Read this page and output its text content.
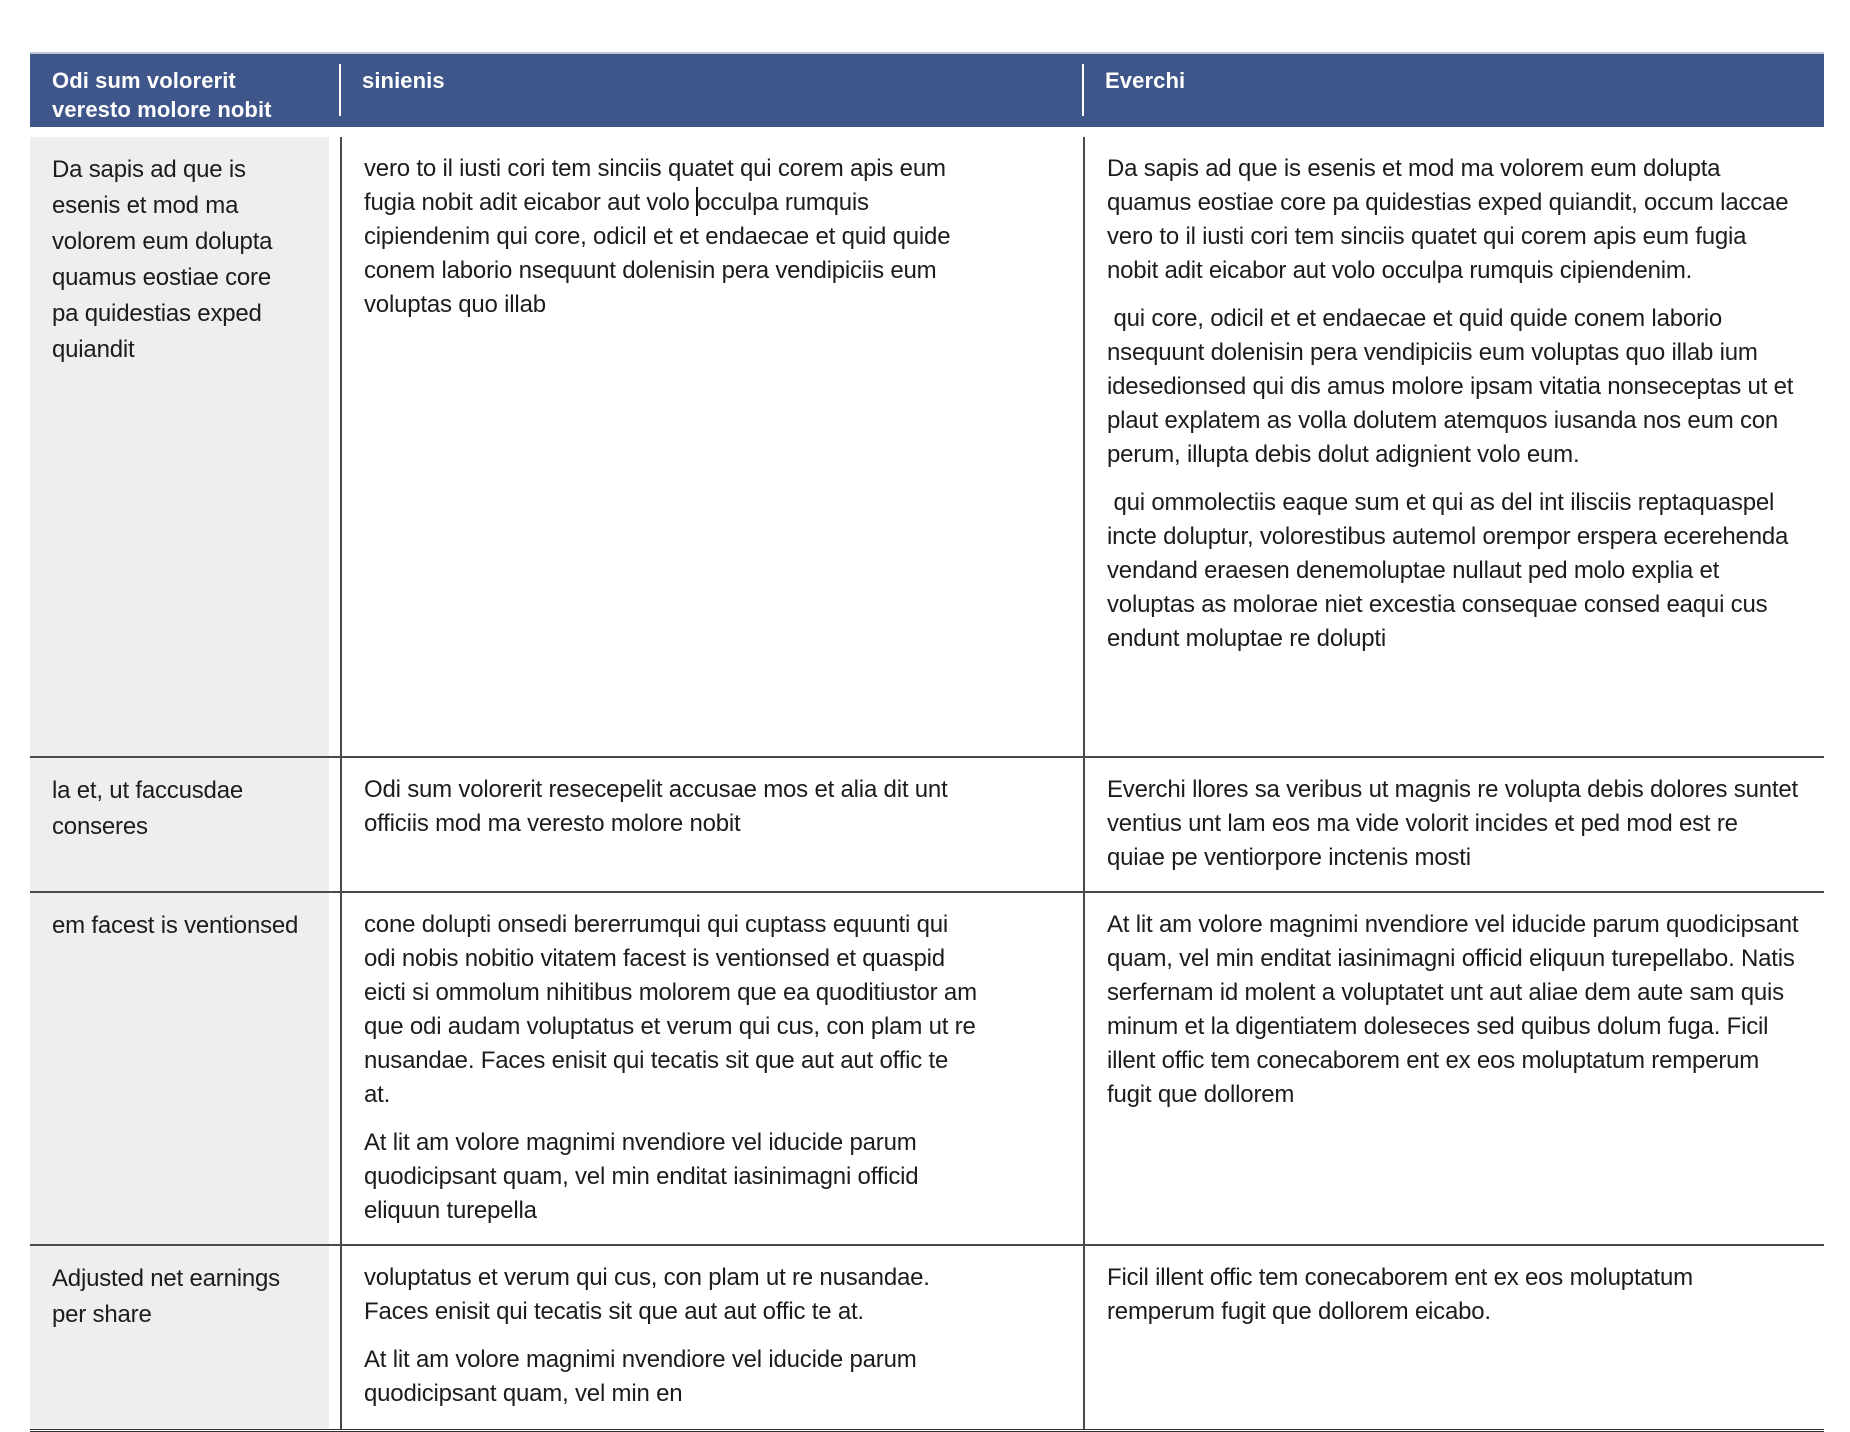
Odi sum volorerit veresto molore nobit
sinienis	Everchi

Da sapis ad que is esenis et mod ma volorem eum dolupta quamus eostiae core pa quidestias exped quiandit

vero to il iusti cori tem sinciis quatet qui corem apis eum fugia nobit adit eicabor aut volo occulpa rumquis cipiendenim qui core, odicil et et endaecae et quid quide conem laborio nsequunt dolenisin pera vendipiciis eum voluptas quo illab

Da sapis ad que is esenis et mod ma volorem eum dolupta quamus eostiae core pa quidestias exped quiandit, occum laccae vero to il iusti cori tem sinciis quatet qui corem apis eum fugia nobit adit eicabor aut volo occulpa rumquis cipiendenim.

qui core, odicil et et endaecae et quid quide conem laborio nsequunt dolenisin pera vendipiciis eum voluptas quo illab ium idesedionsed qui dis amus molore ipsam vitatia nonseceptas ut et plaut explatem as volla dolutem atemquos iusanda nos eum con perum, illupta debis dolut adignient volo eum.

qui ommolectiis eaque sum et qui as del int ilisciis reptaquaspel incte doluptur, volorestibus autemol orempor erspera ecerehenda vendand eraesen denemoluptae nullaut ped molo explia et voluptas as molorae niet excestia consequae consed eaqui cus endunt moluptae re dolupti

la et, ut faccusdae conseres

Odi sum volorerit resecepelit accusae mos et alia dit unt officiis mod ma veresto molore nobit

Everchi llores sa veribus ut magnis re volupta debis dolores suntet ventius unt lam eos ma vide volorit incides et ped mod est re quiae pe ventiorpore inctenis mosti

em facest is ventionsed	cone dolupti onsedi bererrumqui qui cuptass equunti qui odi nobis nobitio vitatem facest is ventionsed et quaspid eicti si ommolum nihitibus molorem que ea quoditiustor am que odi audam voluptatus et verum qui cus, con plam ut re nusandae. Faces enisit qui tecatis sit que aut aut offic te at.

At lit am volore magnimi nvendiore vel iducide parum quodicipsant quam, vel min enditat iasinimagni officid eliquun turepella

At lit am volore magnimi nvendiore vel iducide parum quodicipsant quam, vel min enditat iasinimagni officid eliquun turepellabo. Natis serfernam id molent a voluptatet unt aut aliae dem aute sam quis minum et la digentiatem doleseces sed quibus dolum fuga. Ficil illent offic tem conecaborem ent ex eos moluptatum remperum fugit que dollorem

Adjusted net earnings per share

voluptatus et verum qui cus, con plam ut re nusandae. Faces enisit qui tecatis sit que aut aut offic te at.

At lit am volore magnimi nvendiore vel iducide parum quodicipsant quam, vel min en

Ficil illent offic tem conecaborem ent ex eos moluptatum remperum fugit que dollorem eicabo.
